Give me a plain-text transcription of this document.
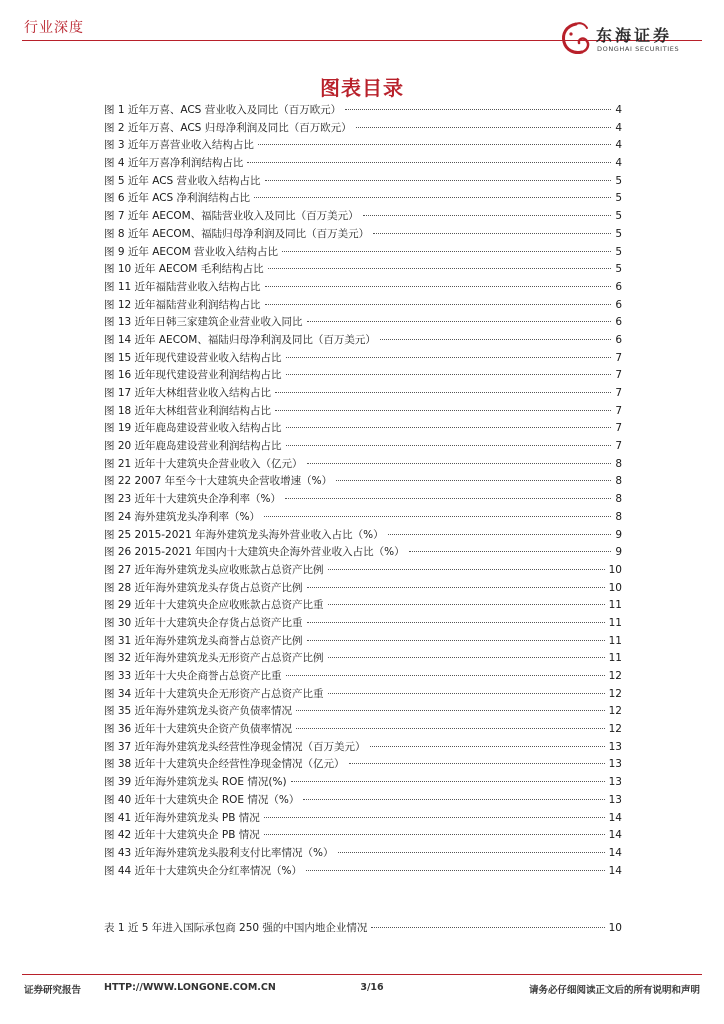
行业深度	东海证券
DONGHAI SECURITIES
图表目录
图 1 近年万喜、ACS 营业收入及同比（百万欧元）	4
图 2 近年万喜、ACS 归母净利润及同比（百万欧元）	4
图 3 近年万喜营业收入结构占比	4
图 4 近年万喜净利润结构占比	4
图 5 近年 ACS 营业收入结构占比	5
图 6 近年 ACS 净利润结构占比	5
图 7 近年 AECOM、福陆营业收入及同比（百万美元）	5
图 8 近年 AECOM、福陆归母净利润及同比（百万美元）	5
图 9 近年 AECOM 营业收入结构占比	5
图 10 近年 AECOM 毛利结构占比	5
图 11 近年福陆营业收入结构占比	6
图 12 近年福陆营业利润结构占比	6
图 13 近年日韩三家建筑企业营业收入同比	6
图 14 近年 AECOM、福陆归母净利润及同比（百万美元）	6
图 15 近年现代建设营业收入结构占比	7
图 16 近年现代建设营业利润结构占比	7
图 17 近年大林组营业收入结构占比	7
图 18 近年大林组营业利润结构占比	7
图 19 近年鹿岛建设营业收入结构占比	7
图 20 近年鹿岛建设营业利润结构占比	7
图 21 近年十大建筑央企营业收入（亿元）	8
图 22 2007 年至今十大建筑央企营收增速（%）	8
图 23 近年十大建筑央企净利率（%）	8
图 24 海外建筑龙头净利率（%）	8
图 25 2015-2021 年海外建筑龙头海外营业收入占比（%）	9
图 26 2015-2021 年国内十大建筑央企海外营业收入占比（%）	9
图 27 近年海外建筑龙头应收账款占总资产比例	10
图 28 近年海外建筑龙头存货占总资产比例	10
图 29 近年十大建筑央企应收账款占总资产比重	11
图 30 近年十大建筑央企存货占总资产比重	11
图 31 近年海外建筑龙头商誉占总资产比例	11
图 32 近年海外建筑龙头无形资产占总资产比例	11
图 33 近年十大央企商誉占总资产比重	12
图 34 近年十大建筑央企无形资产占总资产比重	12
图 35 近年海外建筑龙头资产负债率情况	12
图 36 近年十大建筑央企资产负债率情况	12
图 37 近年海外建筑龙头经营性净现金情况（百万美元）	13
图 38 近年十大建筑央企经营性净现金情况（亿元）	13
图 39 近年海外建筑龙头 ROE 情况(%)	13
图 40 近年十大建筑央企 ROE 情况（%）	13
图 41 近年海外建筑龙头 PB 情况	14
图 42 近年十大建筑央企 PB 情况	14
图 43 近年海外建筑龙头股利支付比率情况（%）	14
图 44 近年十大建筑央企分红率情况（%）	14
表 1 近 5 年进入国际承包商 250 强的中国内地企业情况	10
证券研究报告 HTTP://WWW.LONGONE.COM.CN	3/16	请务必仔细阅读正文后的所有说明和声明
